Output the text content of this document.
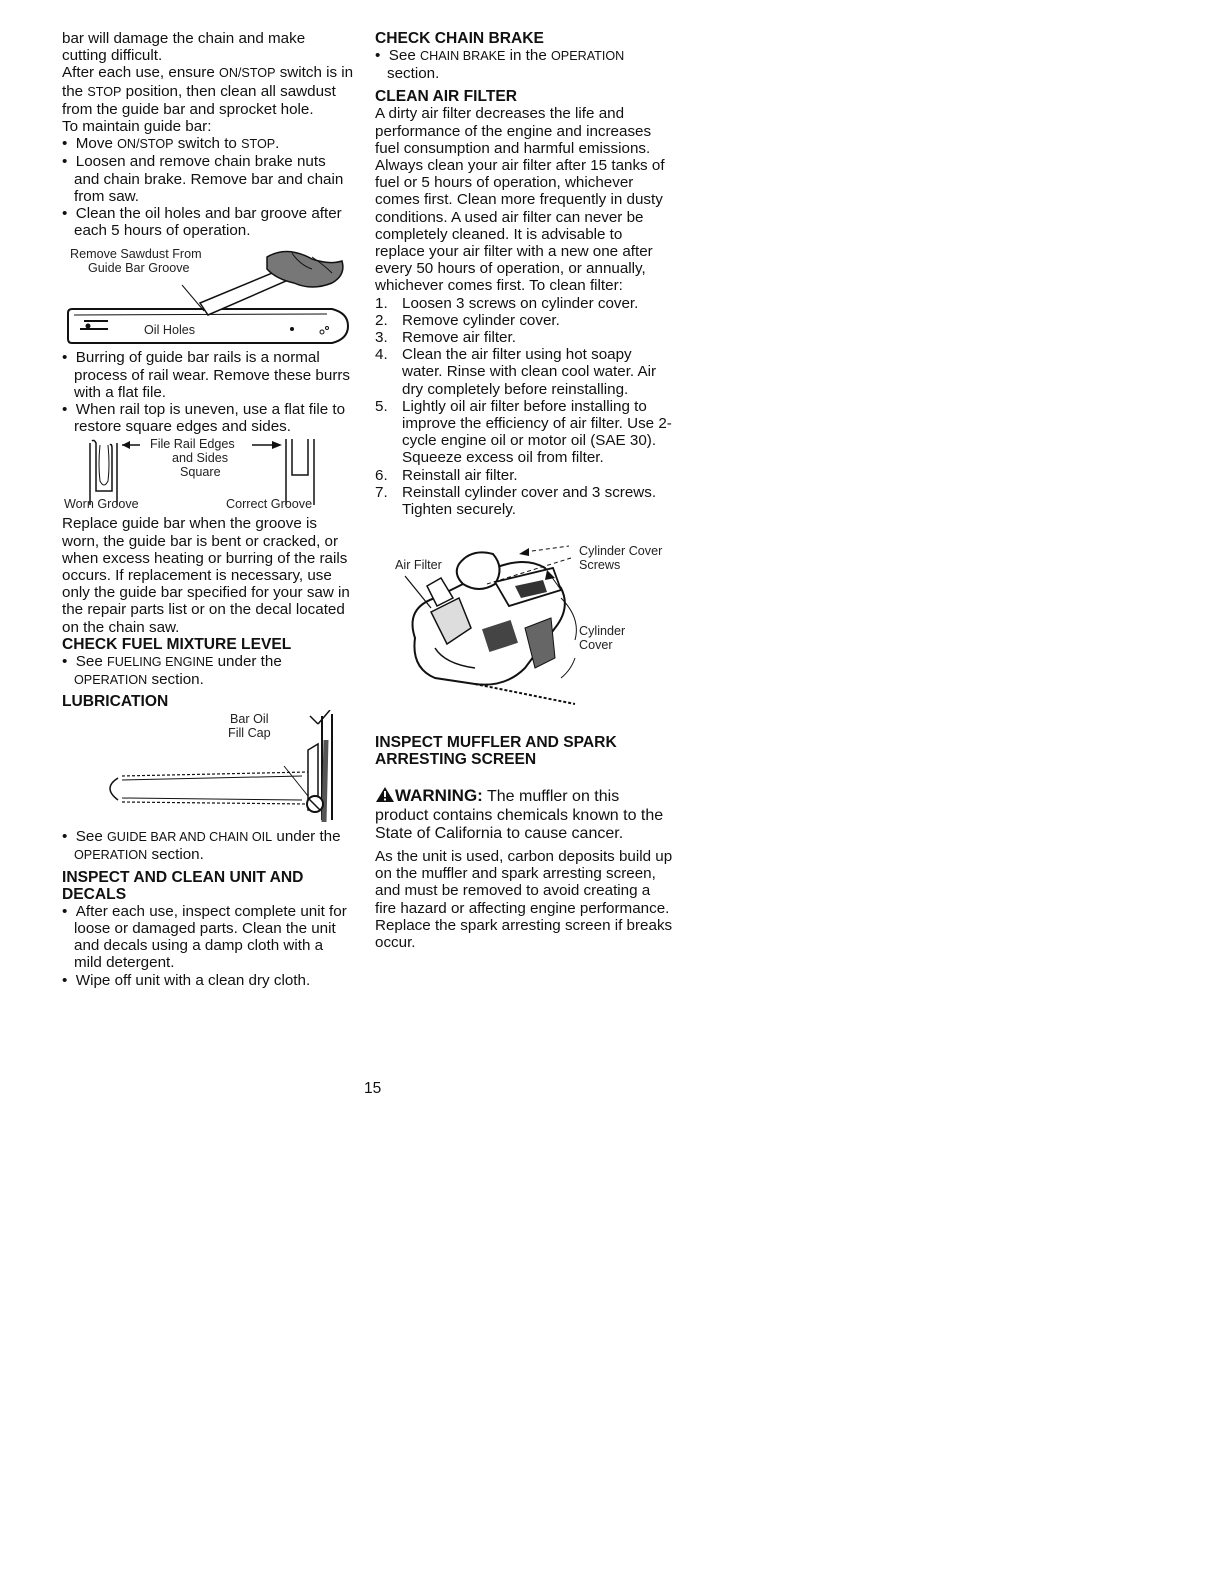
bar will damage the chain and make cutting difficult.

After each use, ensure ON/STOP switch is in the STOP position, then clean all sawdust from the guide bar and sprocket hole.

To maintain guide bar:

•  Move ON/STOP switch to STOP.

•  Loosen and remove chain brake nuts and chain brake. Remove bar and chain from saw.

•  Clean the oil holes and bar groove after each 5 hours of operation.

Remove Sawdust From
Guide Bar Groove
Oil Holes

•  Burring of guide bar rails is a normal process of rail wear. Remove these burrs with a flat file.

•  When rail top is uneven, use a flat file to restore square edges and sides.

File Rail Edges
and Sides
Square
Worn Groove	Correct Groove

Replace guide bar when the groove is worn, the guide bar is bent or cracked, or when excess heating or burring of the rails occurs. If replacement is necessary, use only the guide bar specified for your saw in the repair parts list or on the decal located on the chain saw.

CHECK FUEL MIXTURE LEVEL

•  See FUELING ENGINE under the OPERATION section.

LUBRICATION

Bar Oil
Fill Cap

•  See GUIDE BAR AND CHAIN OIL under the OPERATION section.

INSPECT AND CLEAN UNIT AND DECALS

•  After each use, inspect complete unit for loose or damaged parts. Clean the unit and decals using a damp cloth with a mild detergent.

•  Wipe off unit with a clean dry cloth.

CHECK CHAIN BRAKE

•  See CHAIN BRAKE in the OPERATION section.

CLEAN AIR FILTER

A dirty air filter decreases the life and performance of the engine and increases fuel consumption and harmful emissions. Always clean your air filter after 15 tanks of fuel or 5 hours of operation, whichever comes first. Clean more frequently in dusty conditions. A used air filter can never be completely cleaned. It is advisable to replace your air filter with a new one after every 50 hours of operation, or annually, whichever comes first. To clean filter:

1. Loosen 3 screws on cylinder cover.

2. Remove cylinder cover.

3. Remove air filter.

4. Clean the air filter using hot soapy water. Rinse with clean cool water. Air dry completely before reinstalling.

5. Lightly oil air filter before installing to improve the efficiency of air filter. Use 2-cycle engine oil or motor oil (SAE 30). Squeeze excess oil from filter.

6. Reinstall air filter.

7. Reinstall cylinder cover and 3 screws. Tighten securely.

Air Filter
Cylinder Cover
Screws
Cylinder
Cover

INSPECT MUFFLER AND SPARK ARRESTING SCREEN

WARNING: The muffler on this product contains chemicals known to the State of California to cause cancer.

As the unit is used, carbon deposits build up on the muffler and spark arresting screen, and must be removed to avoid creating a fire hazard or affecting engine performance.

Replace the spark arresting screen if breaks occur.

15
